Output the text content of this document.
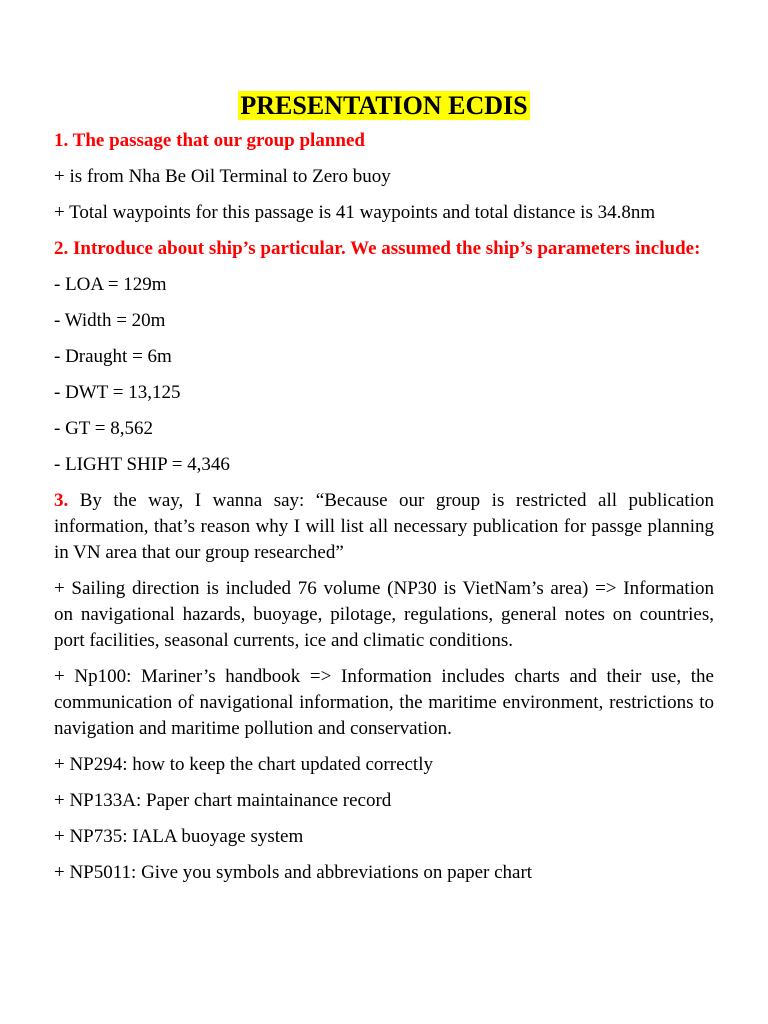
PRESENTATION ECDIS
1. The passage that our group planned

+ is from Nha Be Oil Terminal to Zero buoy

+ Total waypoints for this passage is 41 waypoints and total distance is 34.8nm

2. Introduce about ship’s particular. We assumed the ship’s parameters include:

- LOA = 129m

- Width = 20m

- Draught = 6m

- DWT = 13,125

- GT = 8,562

- LIGHT SHIP = 4,346

3. By the way, I wanna say: “Because our group is restricted all publication information, that’s reason why I will list all necessary publication for passge planning in VN area that our group researched”

+ Sailing direction is included 76 volume (NP30 is VietNam’s area) => Information on navigational hazards, buoyage, pilotage, regulations, general notes on countries, port facilities, seasonal currents, ice and climatic conditions.

+ Np100: Mariner’s handbook => Information includes charts and their use, the communication of navigational information, the maritime environment, restrictions to navigation and maritime pollution and conservation.

+ NP294: how to keep the chart updated correctly

+ NP133A: Paper chart maintainance record

+ NP735: IALA buoyage system

+ NP5011: Give you symbols and abbreviations on paper chart
